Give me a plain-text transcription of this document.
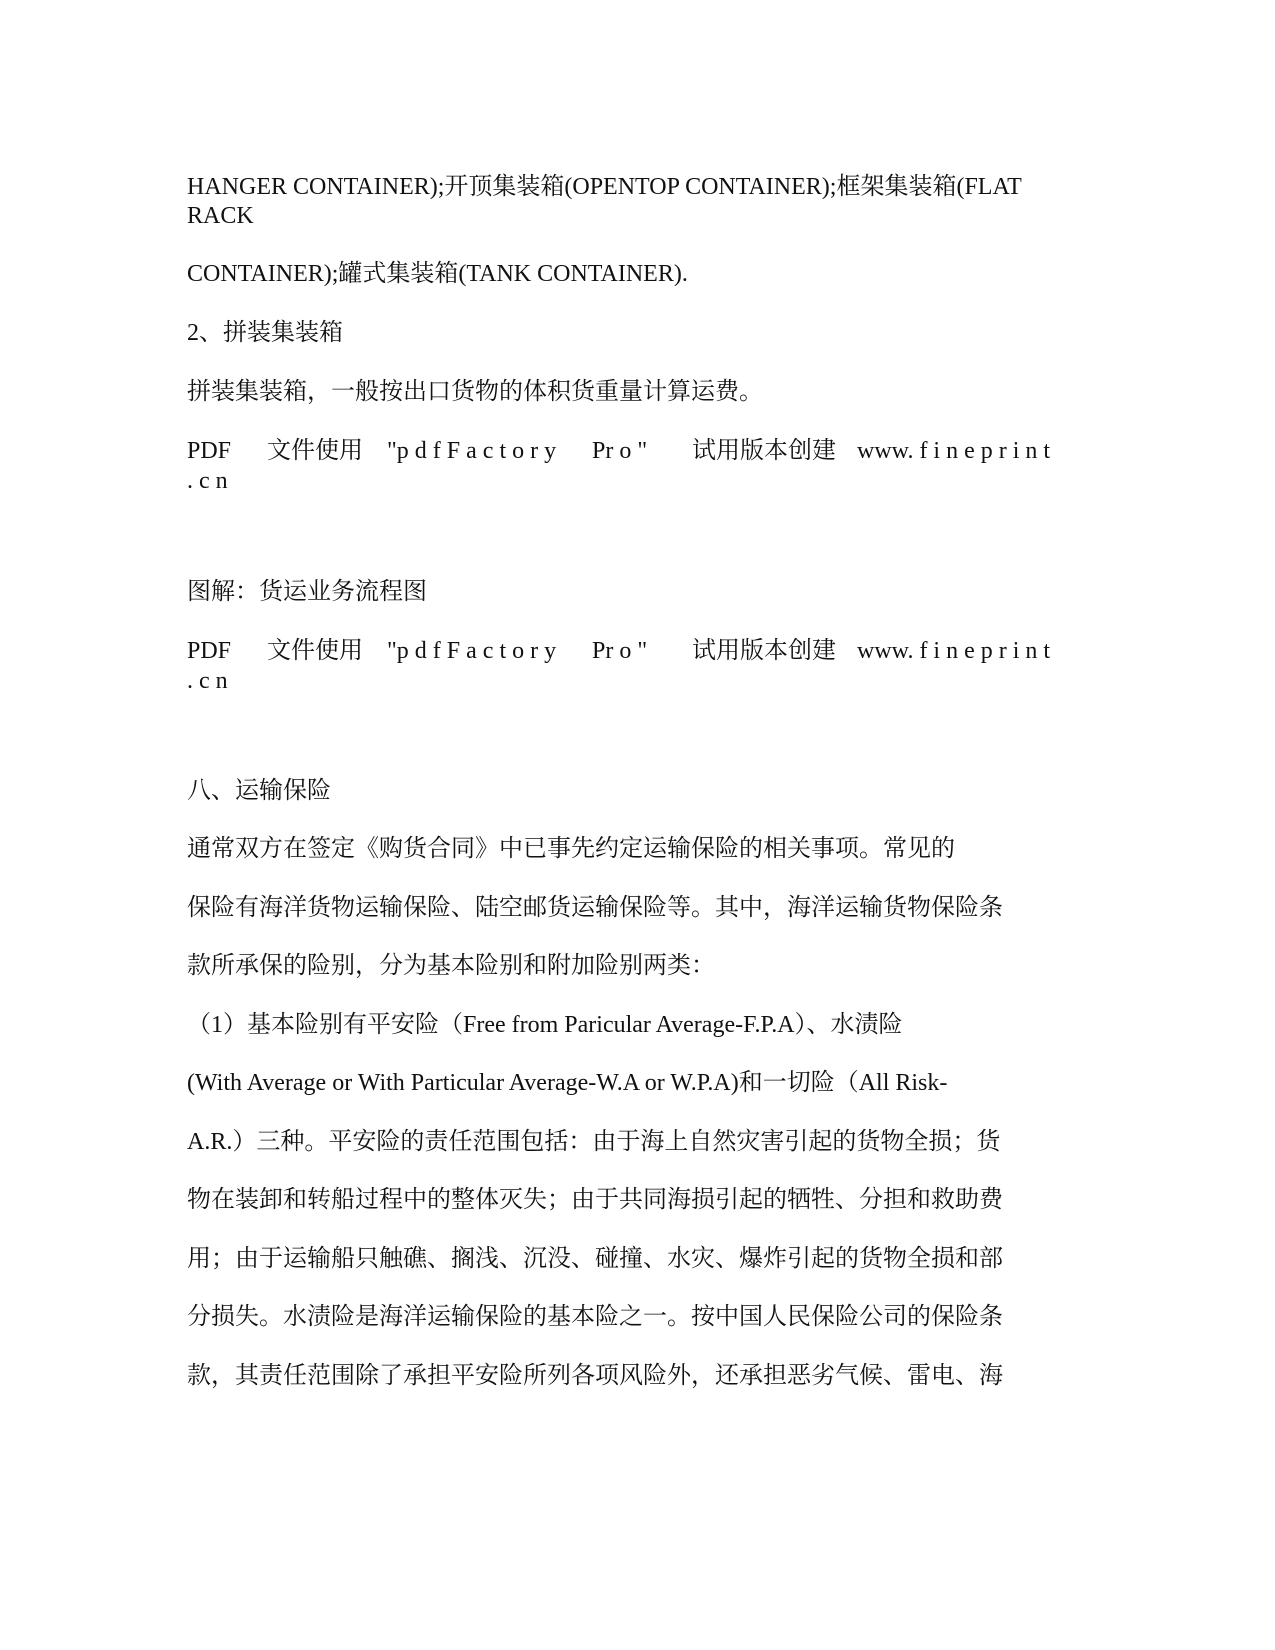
HANGER CONTAINER);开顶集装箱(OPENTOP CONTAINER);框架集装箱(FLAT
RACK
CONTAINER);罐式集装箱(TANK CONTAINER).
2、拼装集装箱
拼装集装箱，一般按出口货物的体积货重量计算运费。
PDF 文件使用 "p d f F a c t o r y Pr o " 试用版本创建 www. f i n e p r i n t
. c n
图解：货运业务流程图
PDF 文件使用 "p d f F a c t o r y Pr o " 试用版本创建 www. f i n e p r i n t
. c n
八、运输保险
通常双方在签定《购货合同》中已事先约定运输保险的相关事项。常见的
保险有海洋货物运输保险、陆空邮货运输保险等。其中，海洋运输货物保险条
款所承保的险别，分为基本险别和附加险别两类：
（1）基本险别有平安险（Free from Paricular Average-F.P.A）、水渍险
(With Average or With Particular Average-W.A or W.P.A)和一切险（All Risk-
A.R.）三种。平安险的责任范围包括：由于海上自然灾害引起的货物全损；货
物在装卸和转船过程中的整体灭失；由于共同海损引起的牺牲、分担和救助费
用；由于运输船只触礁、搁浅、沉没、碰撞、水灾、爆炸引起的货物全损和部
分损失。水渍险是海洋运输保险的基本险之一。按中国人民保险公司的保险条
款，其责任范围除了承担平安险所列各项风险外，还承担恶劣气候、雷电、海
